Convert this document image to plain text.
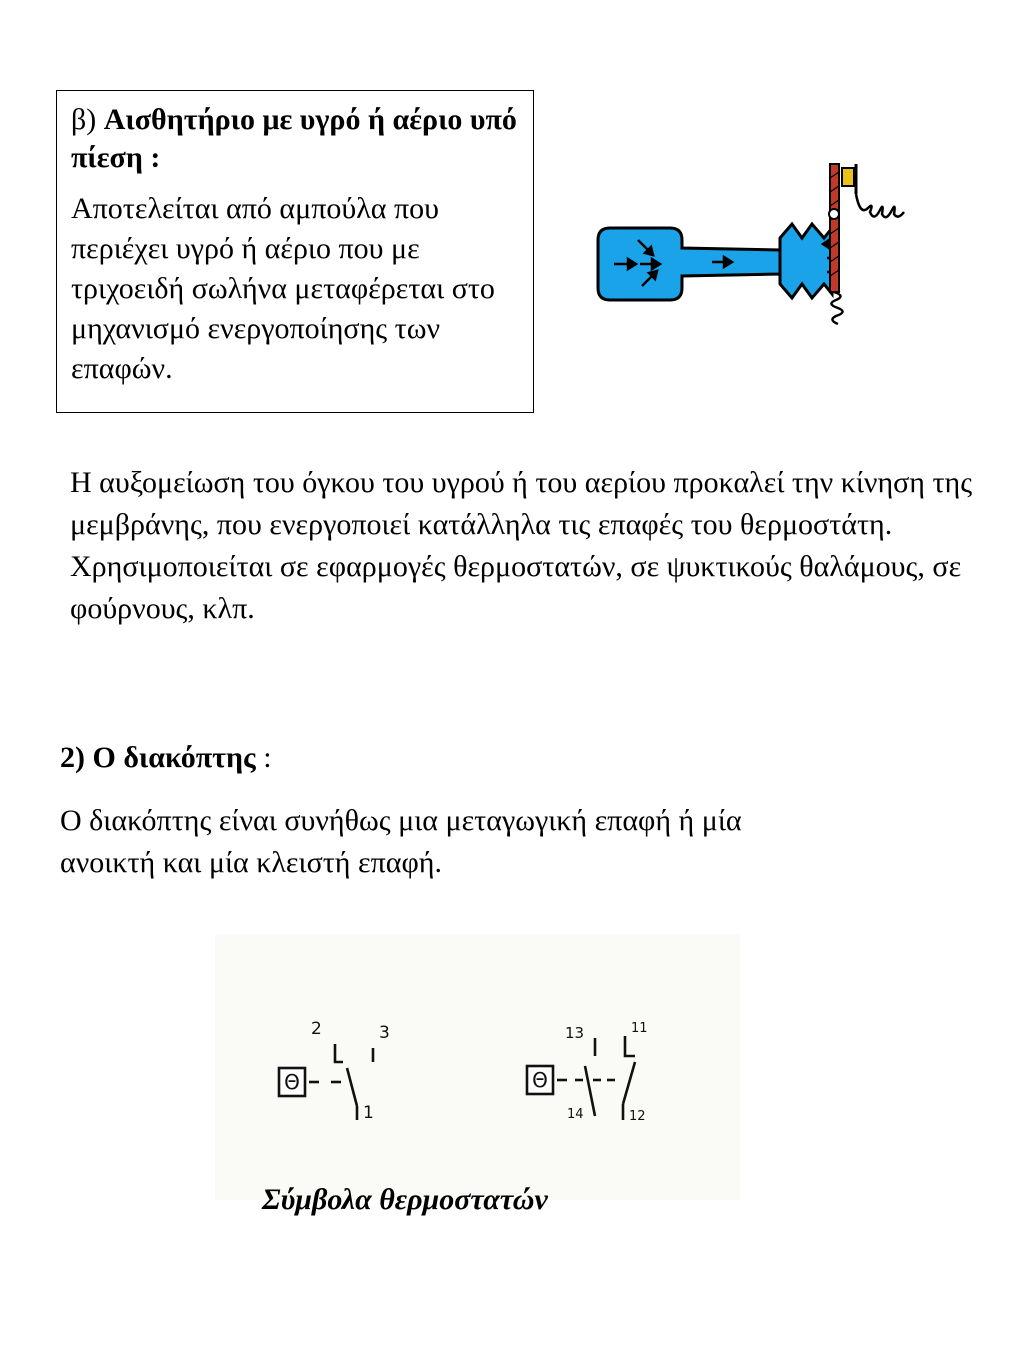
β) Αισθητήριο με υγρό ή αέριο υπό πίεση :

Αποτελείται από αμπούλα που περιέχει υγρό ή αέριο που με τριχοειδή σωλήνα μεταφέρεται στο μηχανισμό ενεργοποίησης των επαφών.

Η αυξομείωση του όγκου του υγρού ή του αερίου προκαλεί την κίνηση της μεμβράνης, που ενεργοποιεί κατάλληλα τις επαφές του θερμοστάτη. Χρησιμοποιείται σε εφαρμογές θερμοστατών, σε ψυκτικούς θαλάμους, σε φούρνους, κλπ.

2) Ο διακόπτης :

Ο διακόπτης είναι συνήθως μια μεταγωγική επαφή ή μία ανοικτή και μία κλειστή επαφή.

Θ
2	3
1
Θ
13	11
14	12

Σύμβολα θερμοστατών
